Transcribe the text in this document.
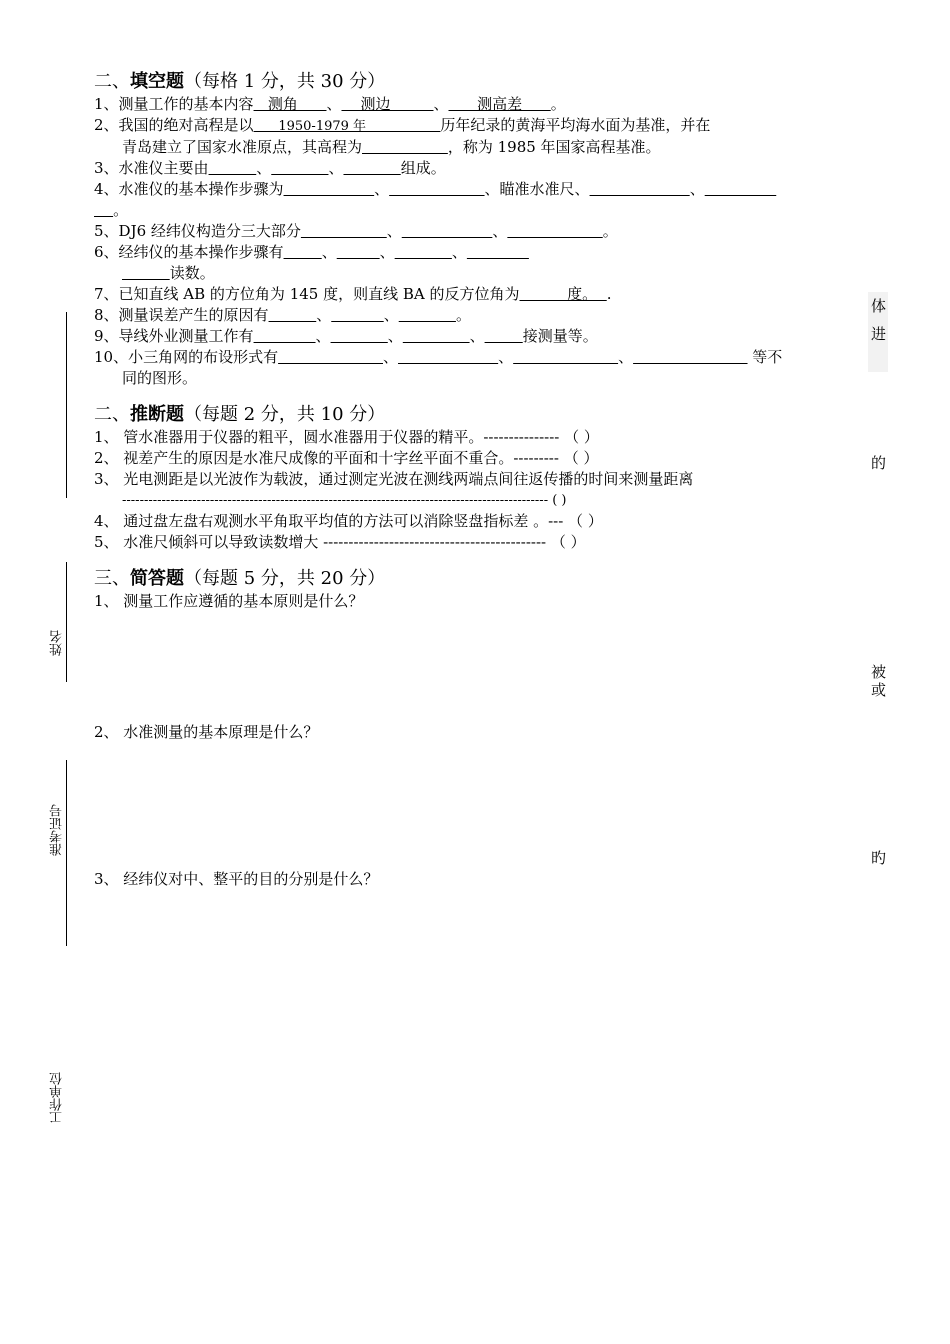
二、填空题（每格 1 分，共 30 分）
1、测量工作的基本内容   测角      、    测边         、      测高差      。
2、我国的绝对高程是以      1950-1979 年                  历年纪录的黄海平均海水面为基准，并在
青岛建立了国家水准原点，其高程为	，称为 1985 年国家高程基准。
3、水准仪主要由	、	、	组成。
4、水准仪的基本操作步骤为	、	、瞄准水准尺、	、
。
5、DJ6 经纬仪构造分三大部分	、	、	。
6、经纬仪的基本操作步骤有	、	、	、
读数。
7、已知直线 AB 的方位角为 145 度，则直线 BA 的反方位角为          度。  .
8、测量误差产生的原因有	、	、	。
9、导线外业测量工作有	、	、	、	接测量等。
10、小三角网的布设形式有	、	、	、	等不
同的图形。
二、推断题（每题 2 分，共 10 分）
1、 管水准器用于仪器的粗平，圆水准器用于仪器的精平。--------------- （ ）
2、 视差产生的原因是水准尺成像的平面和十字丝平面不重合。--------- （ ）
3、 光电测距是以光波作为载波，通过测定光波在测线两端点间往返传播的时间来测量距离
------------------------------------------------------------------------------------------------- ( )
4、 通过盘左盘右观测水平角取平均值的方法可以消除竖盘指标差 。--- （ ）
5、 水准尺倾斜可以导致读数增大 -------------------------------------------- （ ）
三、简答题（每题 5 分，共 20 分）
1、 测量工作应遵循的基本原则是什么？
2、 水准测量的基本原理是什么？
3、 经纬仪对中、整平的目的分别是什么？
姓名
准考证号
工作单位
体
进
的
被
或
旳
